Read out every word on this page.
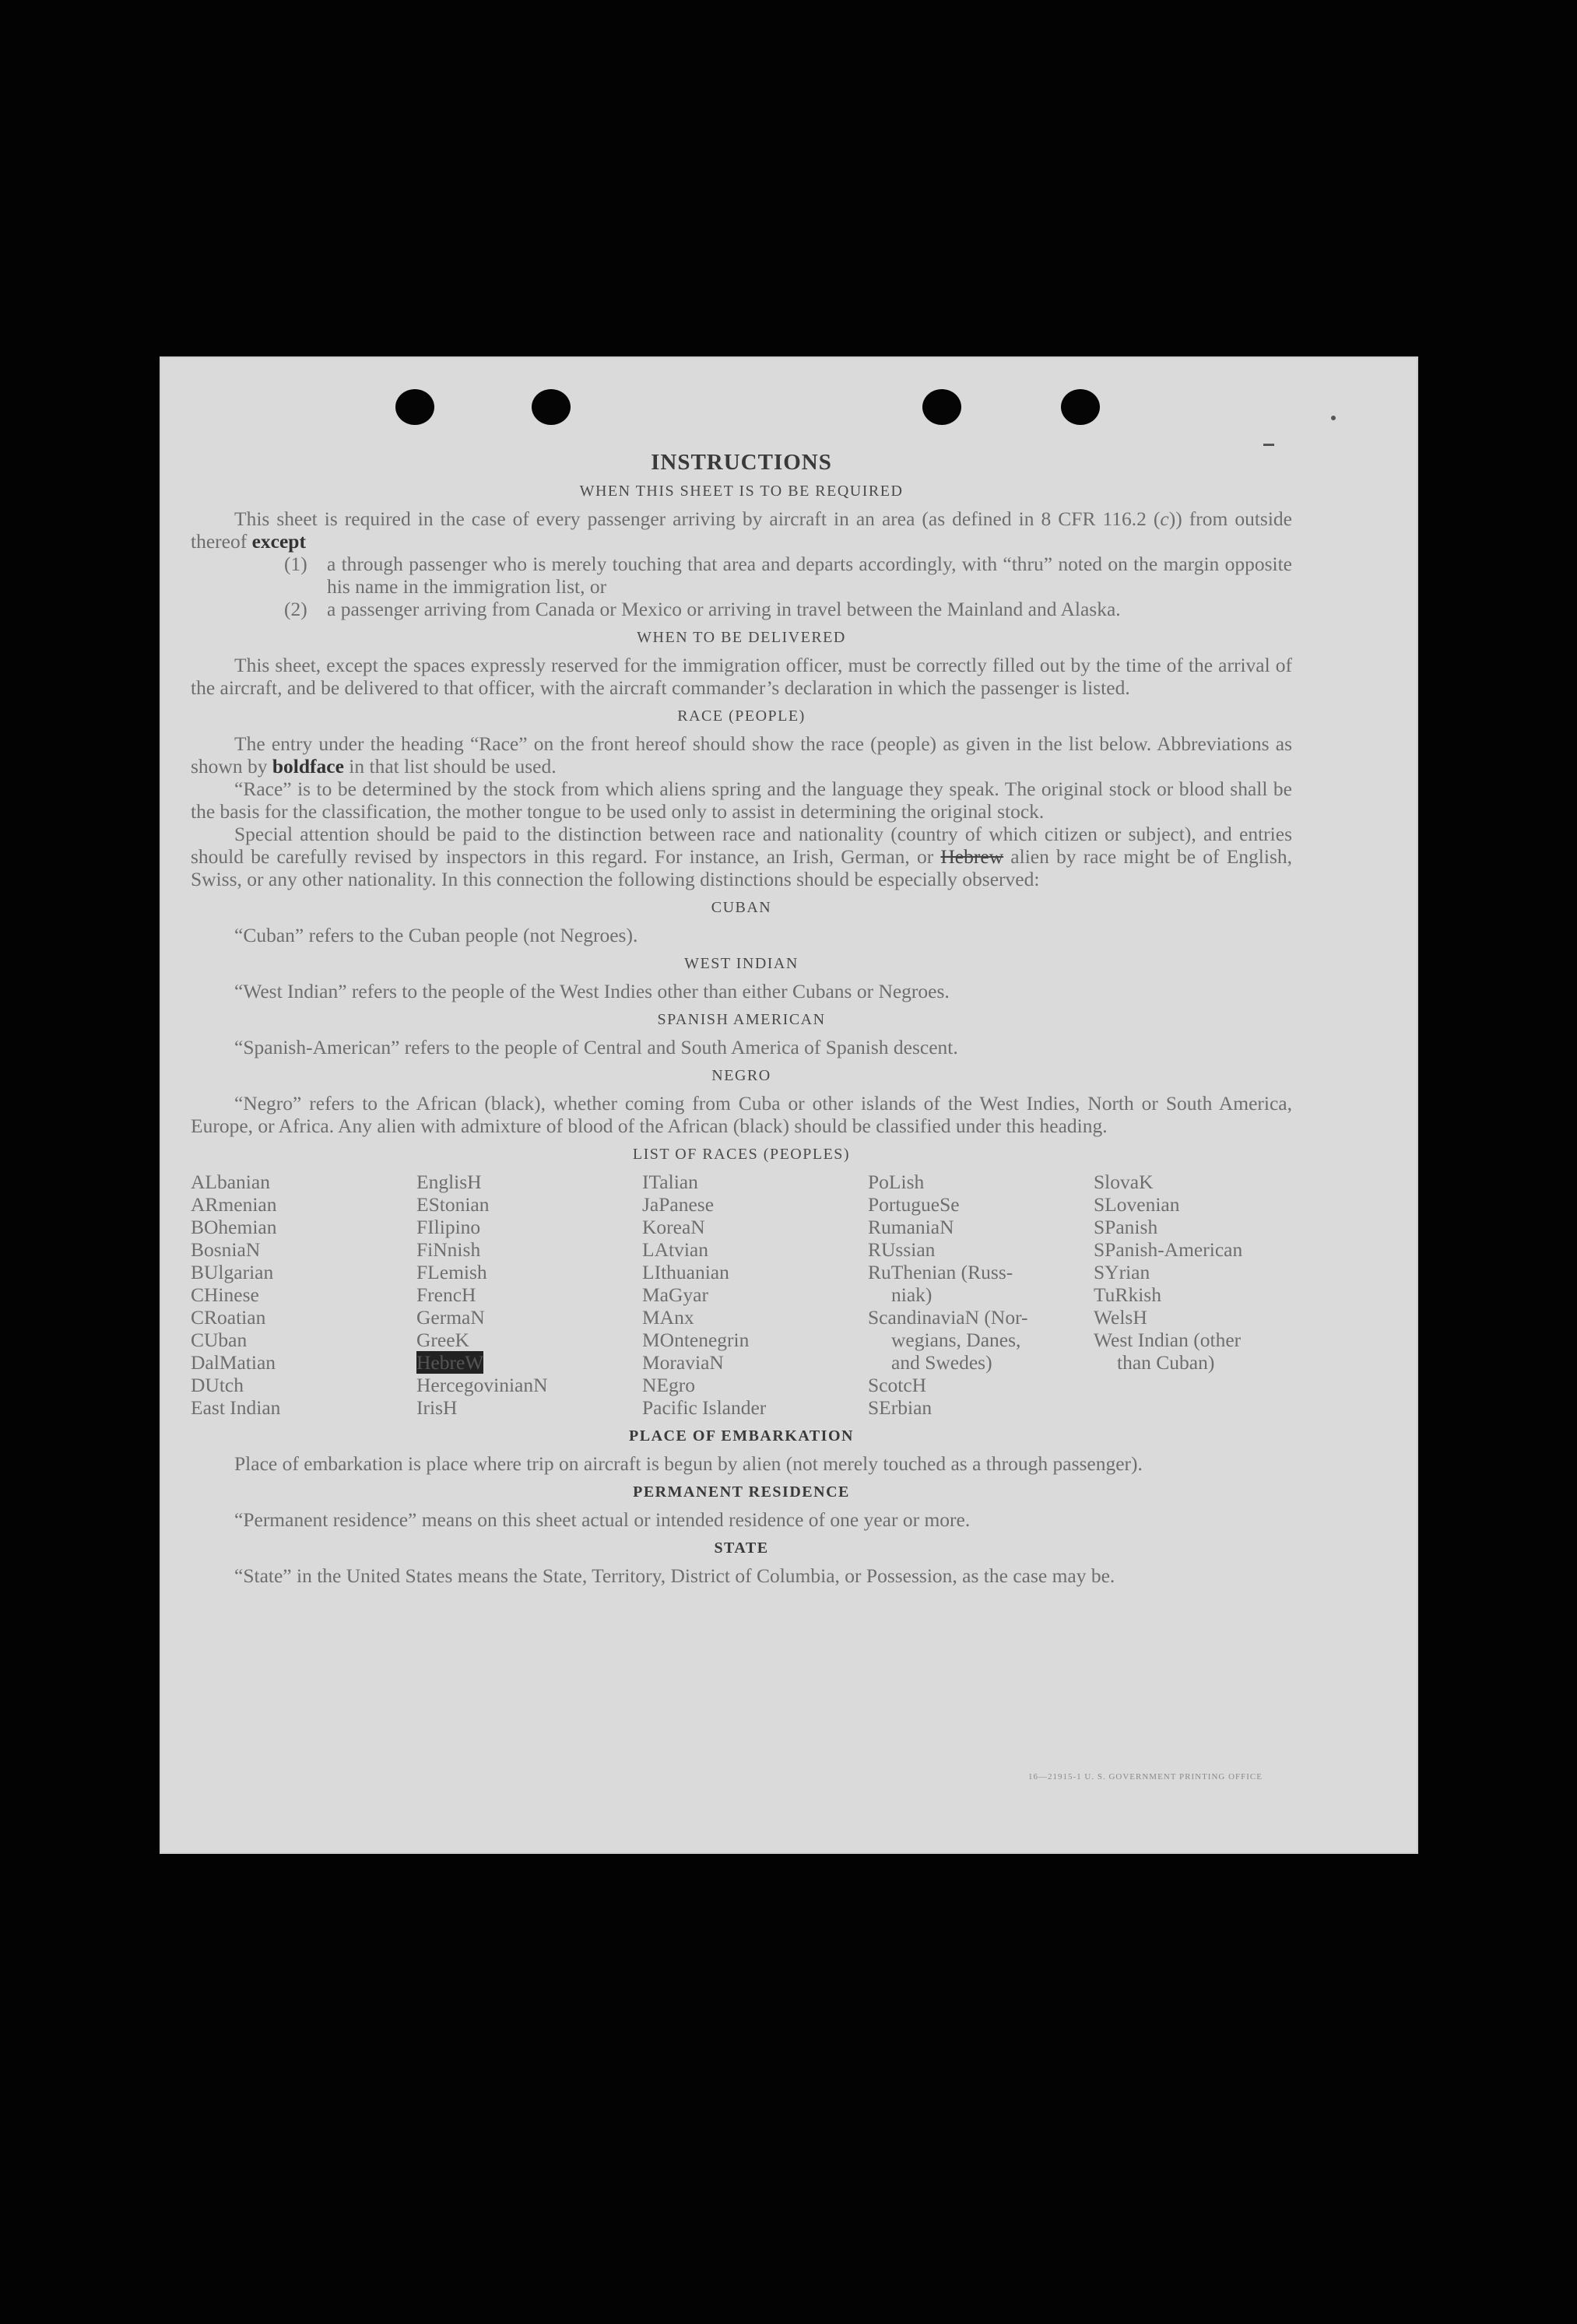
INSTRUCTIONS
WHEN THIS SHEET IS TO BE REQUIRED

This sheet is required in the case of every passenger arriving by aircraft in an area (as defined in 8 CFR 116.2 (c)) from outside thereof except

(1) a through passenger who is merely touching that area and departs accordingly, with “thru” noted on the margin opposite his name in the immigration list, or

(2) a passenger arriving from Canada or Mexico or arriving in travel between the Mainland and Alaska.

WHEN TO BE DELIVERED

This sheet, except the spaces expressly reserved for the immigration officer, must be correctly filled out by the time of the arrival of the aircraft, and be delivered to that officer, with the aircraft commander’s declaration in which the passenger is listed.

RACE (PEOPLE)

The entry under the heading “Race” on the front hereof should show the race (people) as given in the list below. Abbreviations as shown by boldface in that list should be used.

“Race” is to be determined by the stock from which aliens spring and the language they speak. The original stock or blood shall be the basis for the classification, the mother tongue to be used only to assist in determining the original stock.

Special attention should be paid to the distinction between race and nationality (country of which citizen or subject), and entries should be carefully revised by inspectors in this regard. For instance, an Irish, German, or Hebrew alien by race might be of English, Swiss, or any other nationality. In this connection the following distinctions should be especially observed:

CUBAN

“Cuban” refers to the Cuban people (not Negroes).

WEST INDIAN

“West Indian” refers to the people of the West Indies other than either Cubans or Negroes.

SPANISH AMERICAN

“Spanish-American” refers to the people of Central and South America of Spanish descent.

NEGRO

“Negro” refers to the African (black), whether coming from Cuba or other islands of the West Indies, North or South America, Europe, or Africa. Any alien with admixture of blood of the African (black) should be classified under this heading.

LIST OF RACES (PEOPLES)
ALbanian
ARmenian
BOhemian
BosniaN
BUlgarian
CHinese
CRoatian
CUban
DalMatian
DUtch
East Indian
EnglisH
EStonian
FIlipino
FiNnish
FLemish
FrencH
GermaN
GreeK
HebreW
HercegovinianN
IrisH
ITalian
JaPanese
KoreaN
LAtvian
LIthuanian
MaGyar
MAnx
MOntenegrin
MoraviaN
NEgro
Pacific Islander
PoLish
PortugueSe
RumaniaN
RUssian
RuThenian (Russ-
niak)
ScandinaviaN (Nor-
wegians, Danes,
and Swedes)
ScotcH
SErbian
SlovaK
SLovenian
SPanish
SPanish-American
SYrian
TuRkish
WelsH
West Indian (other
than Cuban)
PLACE OF EMBARKATION

Place of embarkation is place where trip on aircraft is begun by alien (not merely touched as a through passenger).

PERMANENT RESIDENCE

“Permanent residence” means on this sheet actual or intended residence of one year or more.

STATE

“State” in the United States means the State, Territory, District of Columbia, or Possession, as the case may be.

16—21915-1 U. S. GOVERNMENT PRINTING OFFICE
